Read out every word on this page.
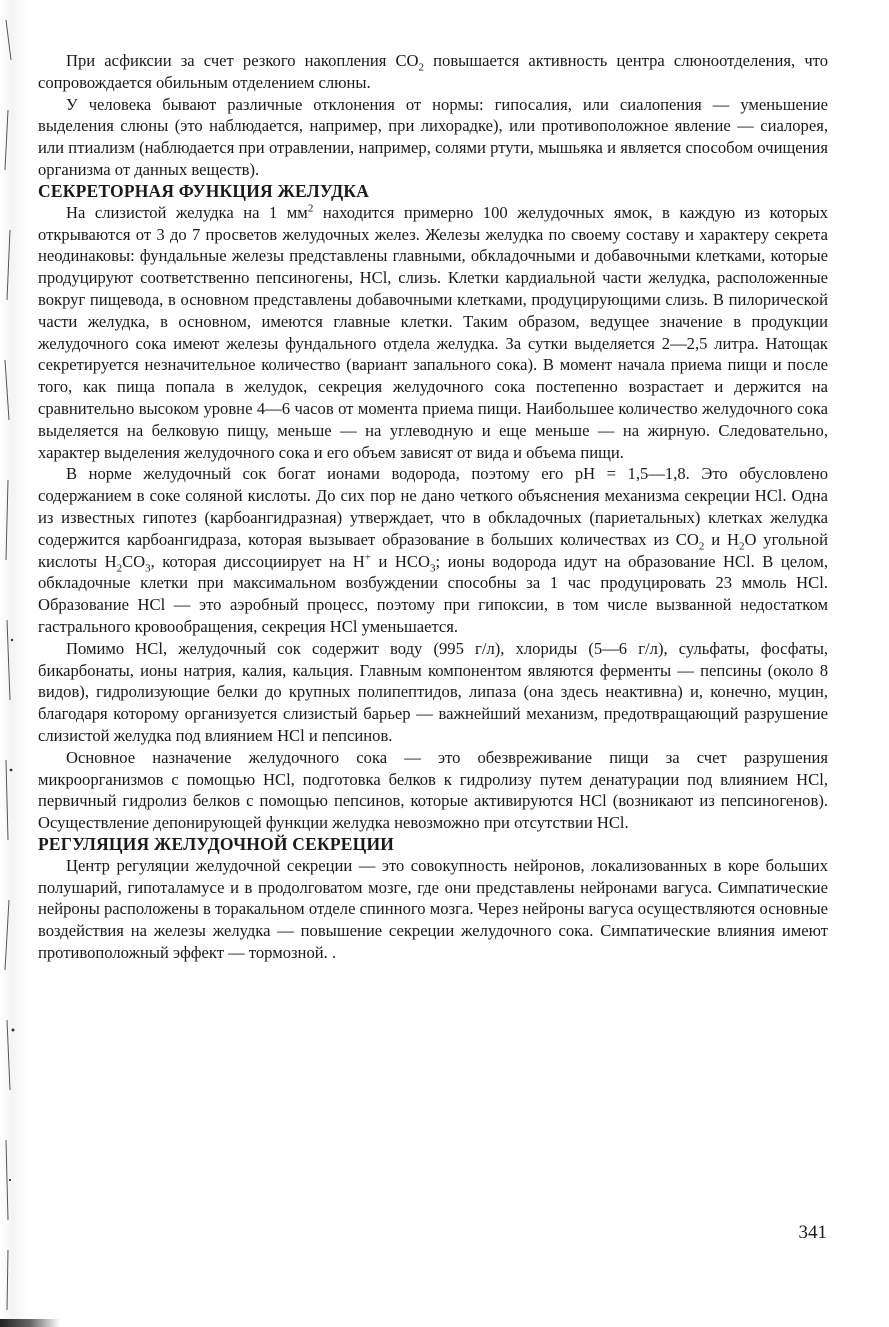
При асфиксии за счет резкого накопления $CO_2$ повышается активность центра слюноотделения, что сопровождается обильным отделением слюны.

У человека бывают различные отклонения от нормы: гипосалия, или сиалопения — уменьшение выделения слюны (это наблюдается, например, при лихорадке), или противоположное явление — сиалорея, или птиализм (наблюдается при отравлении, например, солями ртути, мышьяка и является способом очищения организма от данных веществ).

СЕКРЕТОРНАЯ ФУНКЦИЯ ЖЕЛУДКА

На слизистой желудка на 1 $мм^2$ находится примерно 100 желудочных ямок, в каждую из которых открываются от 3 до 7 просветов желудочных желез. Железы желудка по своему составу и характеру секрета неодинаковы: фундальные железы представлены главными, обкладочными и добавочными клетками, которые продуцируют соответственно пепсиногены, HCl, слизь. Клетки кардиальной части желудка, расположенные вокруг пищевода, в основном представлены добавочными клетками, продуцирующими слизь. В пилорической части желудка, в основном, имеются главные клетки. Таким образом, ведущее значение в продукции желудочного сока имеют железы фундального отдела желудка. За сутки выделяется 2—2,5 литра. Натощак секретируется незначительное количество (вариант запального сока). В момент начала приема пищи и после того, как пища попала в желудок, секреция желудочного сока постепенно возрастает и держится на сравнительно высоком уровне 4—6 часов от момента приема пищи. Наибольшее количество желудочного сока выделяется на белковую пищу, меньше — на углеводную и еще меньше — на жирную. Следовательно, характер выделения желудочного сока и его объем зависят от вида и объема пищи.

В норме желудочный сок богат ионами водорода, поэтому его pH = 1,5—1,8. Это обусловлено содержанием в соке соляной кислоты. До сих пор не дано четкого объяснения механизма секреции HCl. Одна из известных гипотез (карбоангидразная) утверждает, что в обкладочных (париетальных) клетках желудка содержится карбоангидраза, которая вызывает образование в больших количествах из $CO_2$ и $H_2O$ угольной кислоты $H_2CO_3$, которая диссоциирует на H+ и $HCO_3$; ионы водорода идут на образование HCl. В целом, обкладочные клетки при максимальном возбуждении способны за 1 час продуцировать 23 ммоль HCl. Образование HCl — это аэробный процесс, поэтому при гипоксии, в том числе вызванной недостатком гастрального кровообращения, секреция HCl уменьшается.

Помимо HCl, желудочный сок содержит воду (995 г/л), хлориды (5—6 г/л), сульфаты, фосфаты, бикарбонаты, ионы натрия, калия, кальция. Главным компонентом являются ферменты — пепсины (около 8 видов), гидролизующие белки до крупных полипептидов, липаза (она здесь неактивна) и, конечно, муцин, благодаря которому организуется слизистый барьер — важнейший механизм, предотвращающий разрушение слизистой желудка под влиянием HCl и пепсинов.

Основное назначение желудочного сока — это обезвреживание пищи за счет разрушения микроорганизмов с помощью HCl, подготовка белков к гидролизу путем денатурации под влиянием HCl, первичный гидролиз белков с помощью пепсинов, которые активируются HCl (возникают из пепсиногенов). Осуществление депонирующей функции желудка невозможно при отсутствии HCl.

РЕГУЛЯЦИЯ ЖЕЛУДОЧНОЙ СЕКРЕЦИИ

Центр регуляции желудочной секреции — это совокупность нейронов, локализованных в коре больших полушарий, гипоталамусе и в продолговатом мозге, где они представлены нейронами вагуса. Симпатические нейроны расположены в торакальном отделе спинного мозга. Через нейроны вагуса осуществляются основные воздействия на железы желудка — повышение секреции желудочного сока. Симпатические влияния имеют противоположный эффект — тормозной. .

341
